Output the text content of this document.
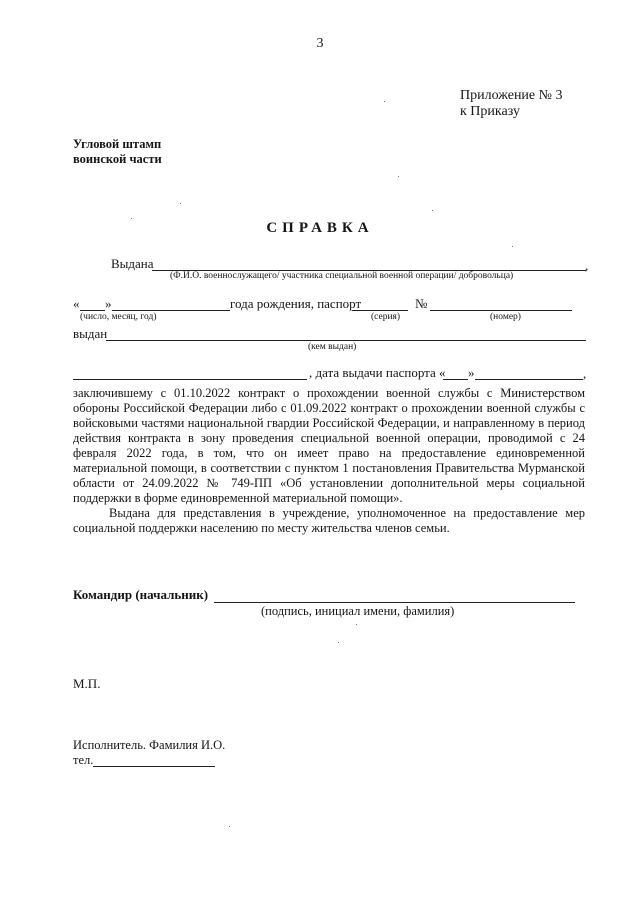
3
Приложение № 3
к Приказу
Угловой штамп
воинской части
СПРАВКА
Выдана	,
(Ф.И.О. военнослужащего/ участника специальной военной операции/ добровольца)
« »	года рождения, паспорт	№
(число, месяц, год)	(серия)	(номер)
выдан
(кем выдан)
, дата выдачи паспорта « »	,

заключившему с 01.10.2022 контракт о прохождении военной службы с Министерством обороны Российской Федерации либо с 01.09.2022 контракт о прохождении военной службы с войсковыми частями национальной гвардии Российской Федерации, и направленному в период действия контракта в зону проведения специальной военной операции, проводимой с 24 февраля 2022 года, в том, что он имеет право на предоставление единовременной материальной помощи, в соответствии с пунктом 1 постановления Правительства Мурманской области от 24.09.2022 № 749-ПП «Об установлении дополнительной меры социальной поддержки в форме единовременной материальной помощи».

Выдана для представления в учреждение, уполномоченное на предоставление мер социальной поддержки населению по месту жительства членов семьи.

Командир (начальник)
(подпись, инициал имени, фамилия)
М.П.
Исполнитель. Фамилия И.О.
тел.
